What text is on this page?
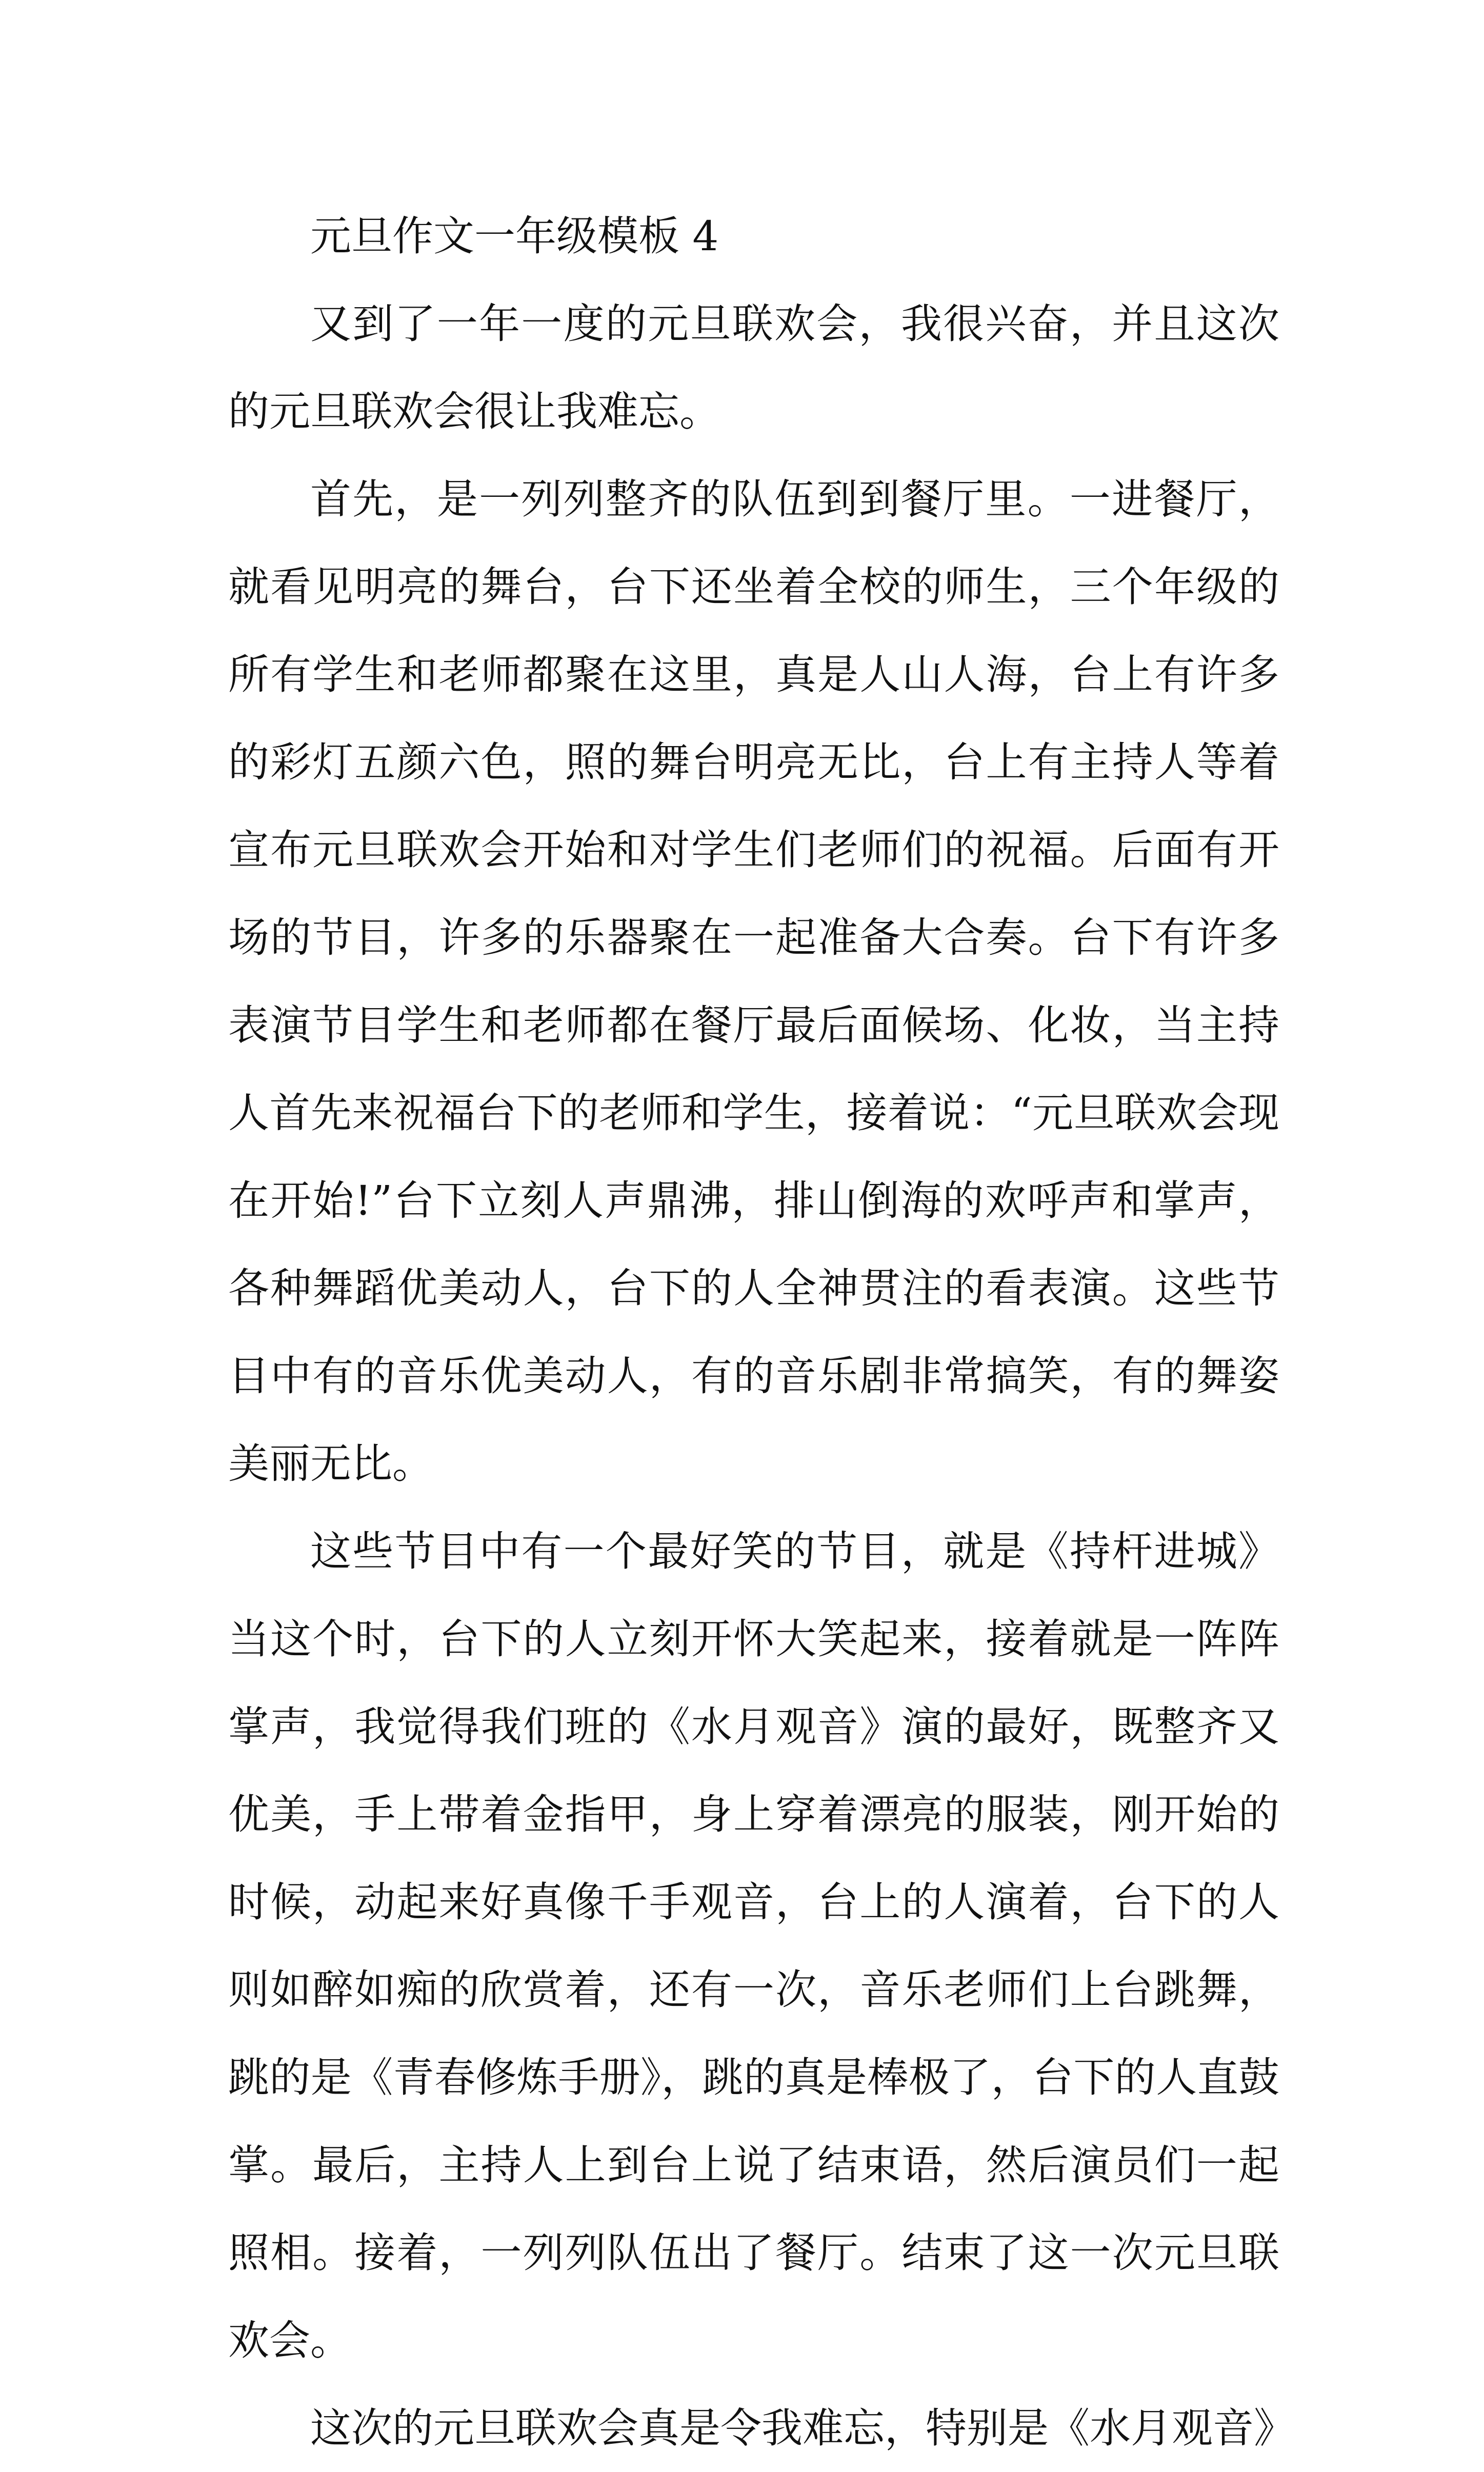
元旦作文一年级模板 4

又到了一年一度的元旦联欢会，我很兴奋，并且这次的元旦联欢会很让我难忘。

首先，是一列列整齐的队伍到到餐厅里。一进餐厅，就看见明亮的舞台，台下还坐着全校的师生，三个年级的所有学生和老师都聚在这里，真是人山人海，台上有许多的彩灯五颜六色，照的舞台明亮无比，台上有主持人等着宣布元旦联欢会开始和对学生们老师们的祝福。后面有开场的节目，许多的乐器聚在一起准备大合奏。台下有许多表演节目学生和老师都在餐厅最后面候场、化妆，当主持人首先来祝福台下的老师和学生，接着说：“元旦联欢会现在开始!”台下立刻人声鼎沸，排山倒海的欢呼声和掌声，各种舞蹈优美动人，台下的人全神贯注的看表演。这些节目中有的音乐优美动人，有的音乐剧非常搞笑，有的舞姿美丽无比。

这些节目中有一个最好笑的节目，就是《持杆进城》当这个时，台下的人立刻开怀大笑起来，接着就是一阵阵掌声，我觉得我们班的《水月观音》演的最好，既整齐又优美，手上带着金指甲，身上穿着漂亮的服装，刚开始的时候，动起来好真像千手观音，台上的人演着，台下的人则如醉如痴的欣赏着，还有一次，音乐老师们上台跳舞，跳的是《青春修炼手册》，跳的真是棒极了，台下的人直鼓掌。最后，主持人上到台上说了结束语，然后演员们一起照相。接着，一列列队伍出了餐厅。结束了这一次元旦联欢会。

这次的元旦联欢会真是令我难忘，特别是《水月观音》
